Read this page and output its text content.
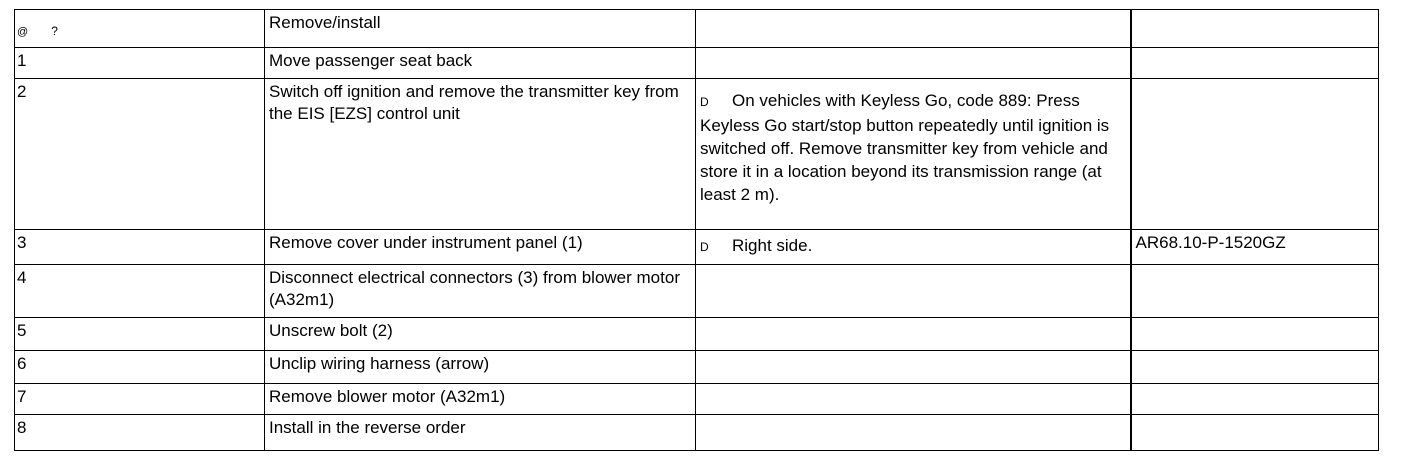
@ ?	Remove/install		
1	Move passenger seat back		
2	Switch off ignition and remove the transmitter key from the EIS [EZS] control unit	D On vehicles with Keyless Go, code 889: Press Keyless Go start/stop button repeatedly until ignition is switched off. Remove transmitter key from vehicle and store it in a location beyond its transmission range (at least 2 m).	

3	Remove cover under instrument panel (1)	D Right side.	AR68.10-P-1520GZ
4	Disconnect electrical connectors (3) from blower motor (A32m1)		
5	Unscrew bolt (2)		
6	Unclip wiring harness (arrow)		
7	Remove blower motor (A32m1)		
8	Install in the reverse order		
